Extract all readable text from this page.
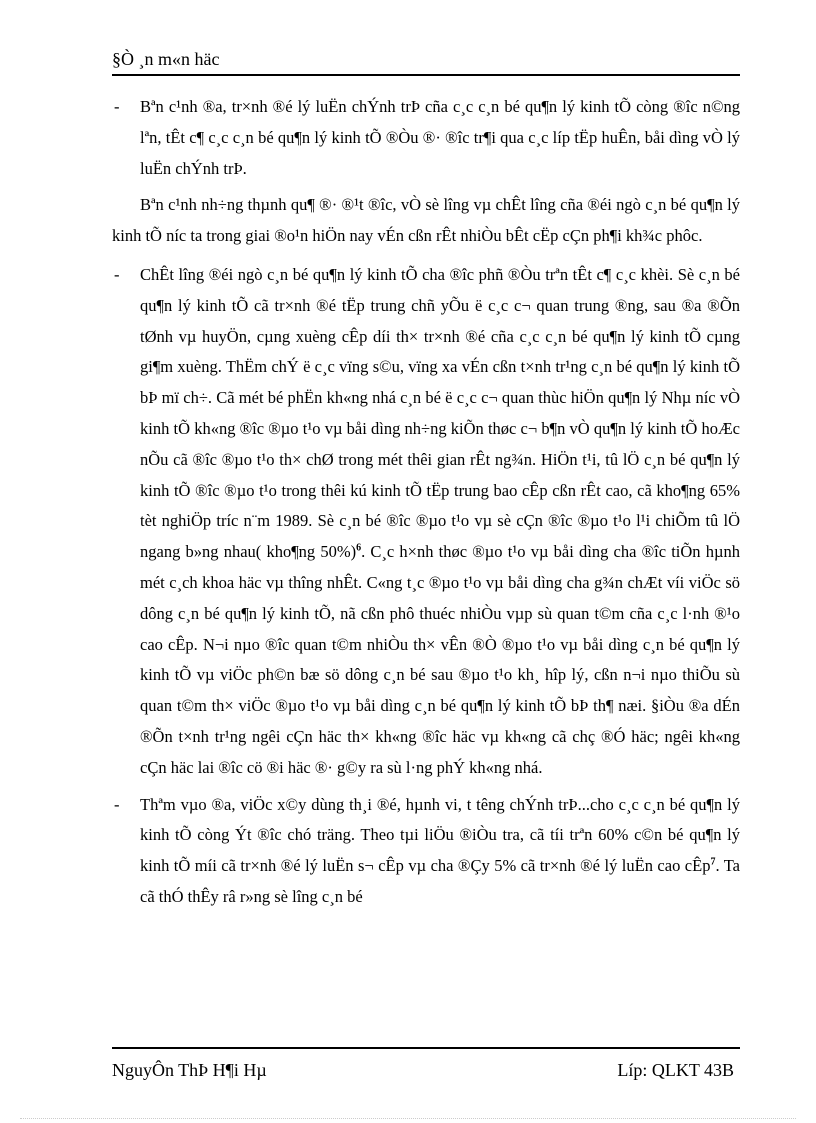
§Ò ¸n m«n häc
- Bªn c¹nh ®a, tr×nh ®é lý luËn chÝnh trÞ cña c¸c c¸n bé qu¶n lý kinh tÕ còng ®îc n©ng lªn, tÊt c¶ c¸c c¸n bé qu¶n lý kinh tÕ ®Òu ®· ®îc tr¶i qua c¸c líp tËp huÊn, båi dìng vÒ lý luËn chÝnh trÞ.

Bªn c¹nh nh÷ng thµnh qu¶ ®· ®¹t ®îc, vÒ sè lîng vµ chÊt lîng cña ®éi ngò c¸n bé qu¶n lý kinh tÕ níc ta trong giai ®o¹n hiÖn nay vÉn cßn rÊt nhiÒu bÊt cËp cÇn ph¶i kh¾c phôc.

- ChÊt lîng ®éi ngò c¸n bé qu¶n lý kinh tÕ cha ®îc phñ ®Òu trªn tÊt c¶ c¸c khèi. Sè c¸n bé qu¶n lý kinh tÕ cã tr×nh ®é tËp trung chñ yÕu ë c¸c c¬ quan trung ®ng, sau ®a ®Õn tØnh vµ huyÖn, cµng xuèng cÊp díi th× tr×nh ®é cña c¸c c¸n bé qu¶n lý kinh tÕ cµng gi¶m xuèng. ThËm chÝ ë c¸c vïng s©u, vïng xa vÉn cßn t×nh tr¹ng c¸n bé qu¶n lý kinh tÕ bÞ mï ch÷. Cã mét bé phËn kh«ng nhá c¸n bé ë c¸c c¬ quan thùc hiÖn qu¶n lý Nhµ níc vÒ kinh tÕ kh«ng ®îc ®µo t¹o vµ båi dìng nh÷ng kiÕn thøc c¬ b¶n vÒ qu¶n lý kinh tÕ hoÆc nÕu cã ®îc ®µo t¹o th× chØ trong mét thêi gian rÊt ng¾n. HiÖn t¹i, tû lÖ c¸n bé qu¶n lý kinh tÕ ®îc ®µo t¹o trong thêi kú kinh tÕ tËp trung bao cÊp cßn rÊt cao, cã kho¶ng 65% tèt nghiÖp tríc n¨m 1989. Sè c¸n bé ®îc ®µo t¹o vµ sè cÇn ®îc ®µo t¹o l¹i chiÕm tû lÖ ngang b»ng nhau( kho¶ng 50%)$^6$. C¸c h×nh thøc ®µo t¹o vµ båi dìng cha ®îc tiÕn hµnh mét c¸ch khoa häc vµ thîng nhÊt. C«ng t¸c ®µo t¹o vµ båi dìng cha g¾n chÆt víi viÖc sö dông c¸n bé qu¶n lý kinh tÕ, nã cßn phô thuéc nhiÒu vµp sù quan t©m cña c¸c l·nh ®¹o cao cÊp. N¬i nµo ®îc quan t©m nhiÒu th× vÊn ®Ò ®µo t¹o vµ båi dìng c¸n bé qu¶n lý kinh tÕ vµ viÖc ph©n bæ sö dông c¸n bé sau ®µo t¹o kh¸ hîp lý, cßn n¬i nµo thiÕu sù quan t©m th× viÖc ®µo t¹o vµ båi dìng c¸n bé qu¶n lý kinh tÕ bÞ th¶ næi. §iÒu ®a dÉn ®Õn t×nh tr¹ng ngêi cÇn häc th× kh«ng ®îc häc vµ kh«ng cã chç ®Ó häc; ngêi kh«ng cÇn häc lai ®îc cö ®i häc ®· g©y ra sù l·ng phÝ kh«ng nhá.
- Thªm vµo ®a, viÖc x©y dùng th¸i ®é, hµnh vi, t têng chÝnh trÞ...cho c¸c c¸n bé qu¶n lý kinh tÕ còng Ýt ®îc chó träng. Theo tµi liÖu ®iÒu tra, cã tíi trªn 60% c©n bé qu¶n lý kinh tÕ míi cã tr×nh ®é lý luËn s¬ cÊp vµ cha ®Çy 5% cã tr×nh ®é lý luËn cao cÊp$^7$. Ta cã thÓ thÊy râ r»ng sè lîng c¸n bé
NguyÔn ThÞ H¶i Hµ	Líp: QLKT 43B
